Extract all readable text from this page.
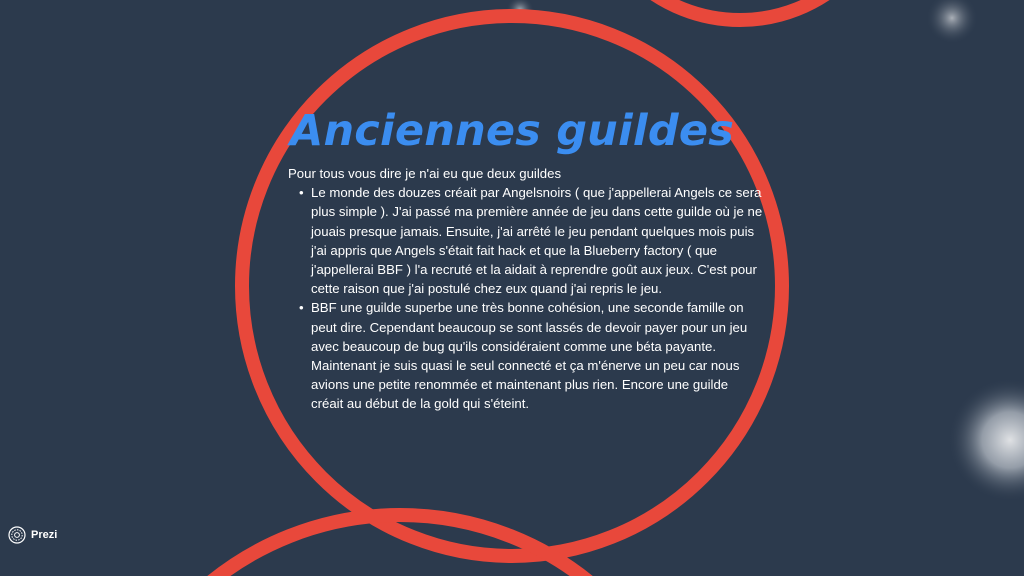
Anciennes guildes

Pour tous vous dire je n'ai eu que deux guildes

• Le monde des douzes créait par Angelsnoirs ( que j'appellerai Angels ce sera plus simple ). J'ai passé ma première année de jeu dans cette guilde où je ne jouais presque jamais. Ensuite, j'ai arrêté le jeu pendant quelques mois puis j'ai appris que Angels s'était fait hack et que la Blueberry factory ( que j'appellerai BBF ) l'a recruté et la aidait à reprendre goût aux jeux. C'est pour cette raison que j'ai postulé chez eux quand j'ai repris le jeu.
• BBF une guilde superbe une très bonne cohésion, une seconde famille on peut dire. Cependant beaucoup se sont lassés de devoir payer pour un jeu avec beaucoup de bug qu'ils considéraient comme une béta payante. Maintenant je suis quasi le seul connecté et ça m'énerve un peu car nous avions une petite renommée et maintenant plus rien. Encore une guilde créait au début de la gold qui s'éteint.
Prezi
